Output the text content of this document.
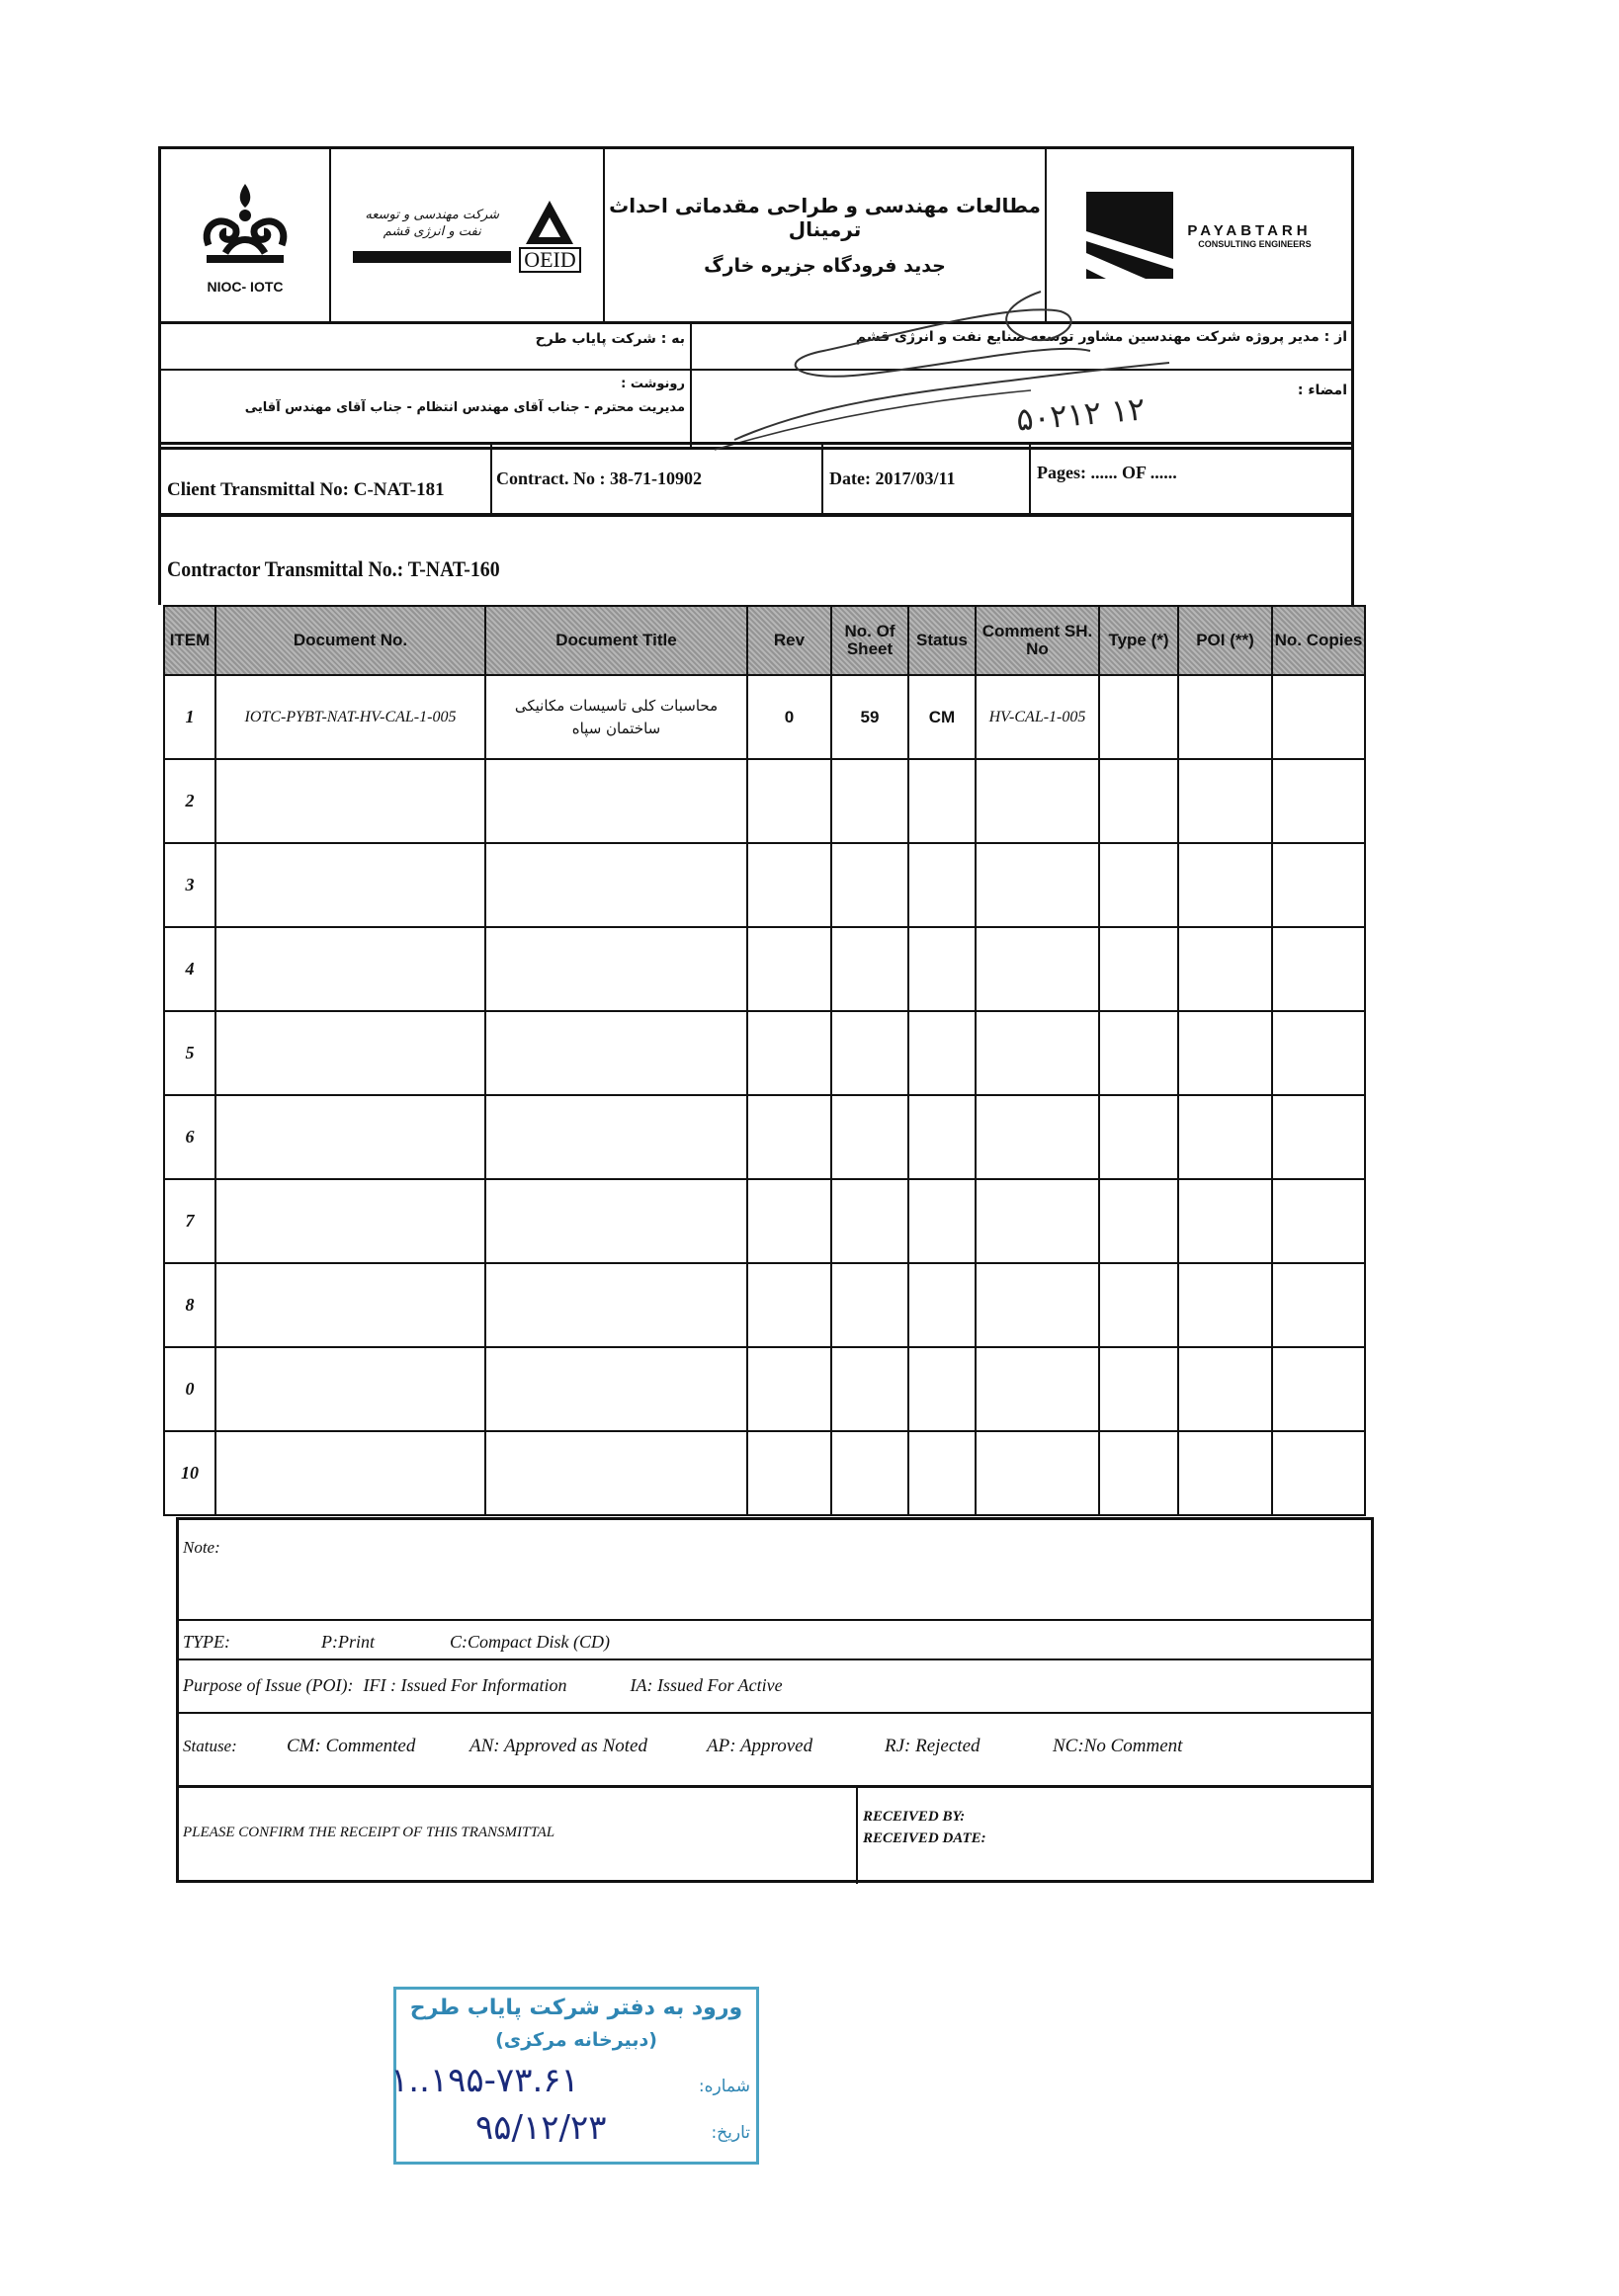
NIOC- IOTC
شرکت مهندسی و توسعه نفت و انرژی قشم
OEID
مطالعات مهندسی و طراحی مقدماتی احداث ترمینال
جدید فرودگاه جزیره خارگ
PAYABTARH
CONSULTING ENGINEERS
به : شرکت پایاب طرح	از : مدیر پروژه شرکت مهندسین مشاور توسعه صنایع نفت و انرژی قشم
رونوشت :
مدیریت محترم - جناب آقای مهندس انتظام - جناب آقای مهندس آقایی
امضاء :
۵۰۲۱۲ ۱۲
Client Transmittal No: C-NAT-181
Contract. No : 38-71-10902	Date: 2017/03/11	Pages: ...... OF ......
Contractor Transmittal No.: T-NAT-160
ITEM	Document No.	Document Title	Rev	No. Of Sheet	Status	Comment SH. No	Type (*)	POI (**)	No. Copies
1	IOTC-PYBT-NAT-HV-CAL-1-005	محاسبات کلی تاسیسات مکانیکی ساختمان سپاه	0	59	CM	HV-CAL-1-005			
2									
3									
4									
5									
6									
7									
8									
0									
10									
Note:
TYPE:	P:Print	C:Compact Disk (CD)
Purpose of Issue (POI): IFI : Issued For Information	IA: Issued For Active
Statuse:	CM: Commented	AN: Approved as Noted	AP: Approved	RJ: Rejected	NC:No Comment
PLEASE CONFIRM THE RECEIPT OF THIS TRANSMITTAL
RECEIVED BY:
RECEIVED DATE:
ورود به دفتر شرکت پایاب طرح
(دبیرخانه مرکزی)
شماره:
۱..۱۹۵-۷۳.۶۱
تاریخ:
۹۵/۱۲/۲۳
